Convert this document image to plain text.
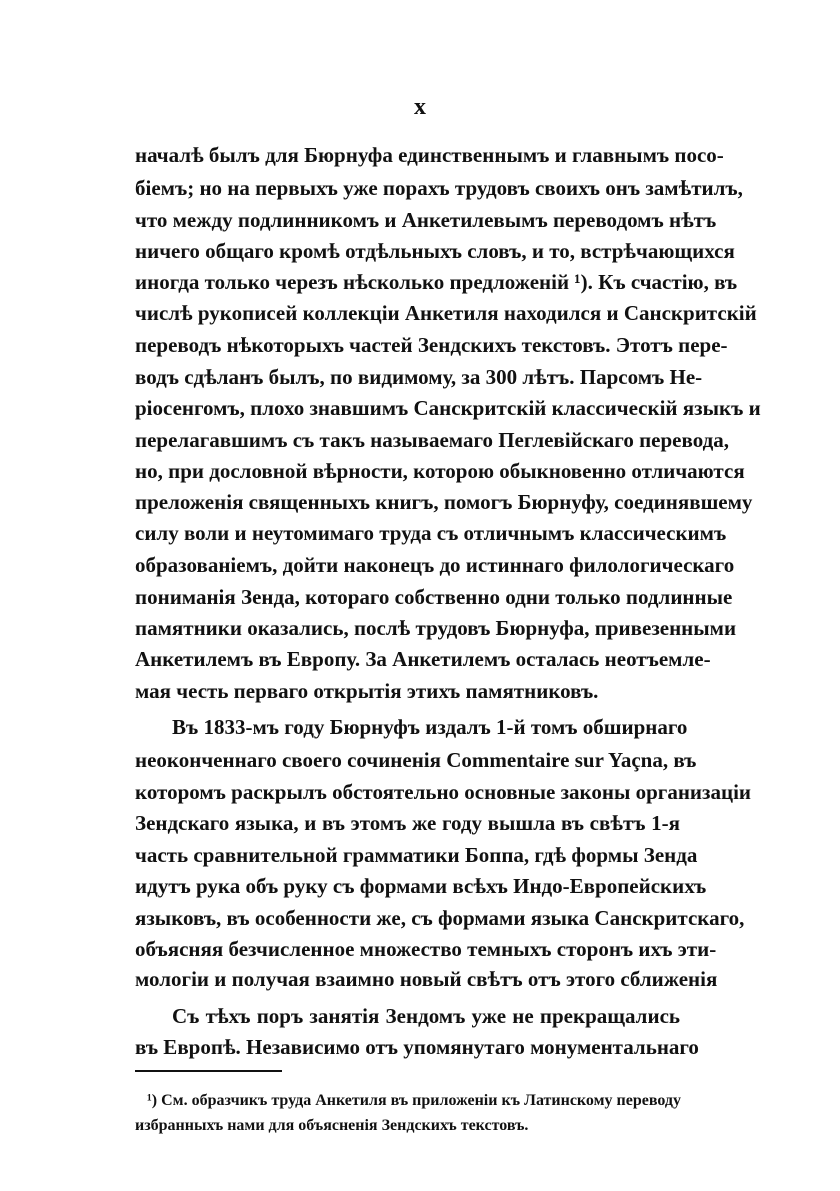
x
началѣ былъ для Бюрнуфа единственнымъ и главнымъ посо-
біемъ; но на первыхъ уже порахъ трудовъ своихъ онъ замѣтилъ,
что между подлинникомъ и Анкетилевымъ переводомъ нѣтъ
ничего общаго кромѣ отдѣльныхъ словъ, и то, встрѣчающихся
иногда только черезъ нѣсколько предложеній ¹). Къ счастію, въ
числѣ рукописей коллекціи Анкетиля находился и Санскритскій
переводъ нѣкоторыхъ частей Зендскихъ текстовъ. Этотъ пере-
водъ сдѣланъ былъ, по видимому, за 300 лѣтъ. Парсомъ Не-
ріосенгомъ, плохо знавшимъ Санскритскій классическій языкъ и
перелагавшимъ съ такъ называемаго Пеглевійскаго перевода,
но, при дословной вѣрности, которою обыкновенно отличаются
преложенія священныхъ книгъ, помогъ Бюрнуфу, соединявшему
силу воли и неутомимаго труда съ отличнымъ классическимъ
образованіемъ, дойти наконецъ до истиннаго филологическаго
пониманія Зенда, котораго собственно одни только подлинные
памятники оказались, послѣ трудовъ Бюрнуфа, привезенными
Анкетилемъ въ Европу. За Анкетилемъ осталась неотъемле-
мая честь перваго открытія этихъ памятниковъ.
Въ 1833-мъ году Бюрнуфъ издалъ 1-й томъ обширнаго
неоконченнаго своего сочиненія Commentaire sur Yaçna, въ
которомъ раскрылъ обстоятельно основные законы организаціи
Зендскаго языка, и въ этомъ же году вышла въ свѣтъ 1-я
часть сравнительной грамматики Боппа, гдѣ формы Зенда
идутъ рука объ руку съ формами всѣхъ Индо-Европейскихъ
языковъ, въ особенности же, съ формами языка Санскритскаго,
объясняя безчисленное множество темныхъ сторонъ ихъ эти-
мологіи и получая взаимно новый свѣтъ отъ этого сближенія
Съ тѣхъ поръ занятія Зендомъ уже не прекращались
въ Европѣ. Независимо отъ упомянутаго монументальнаго
¹) См. образчикъ труда Анкетиля въ приложеніи къ Латинскому переводу
избранныхъ нами для объясненія Зендскихъ текстовъ.
